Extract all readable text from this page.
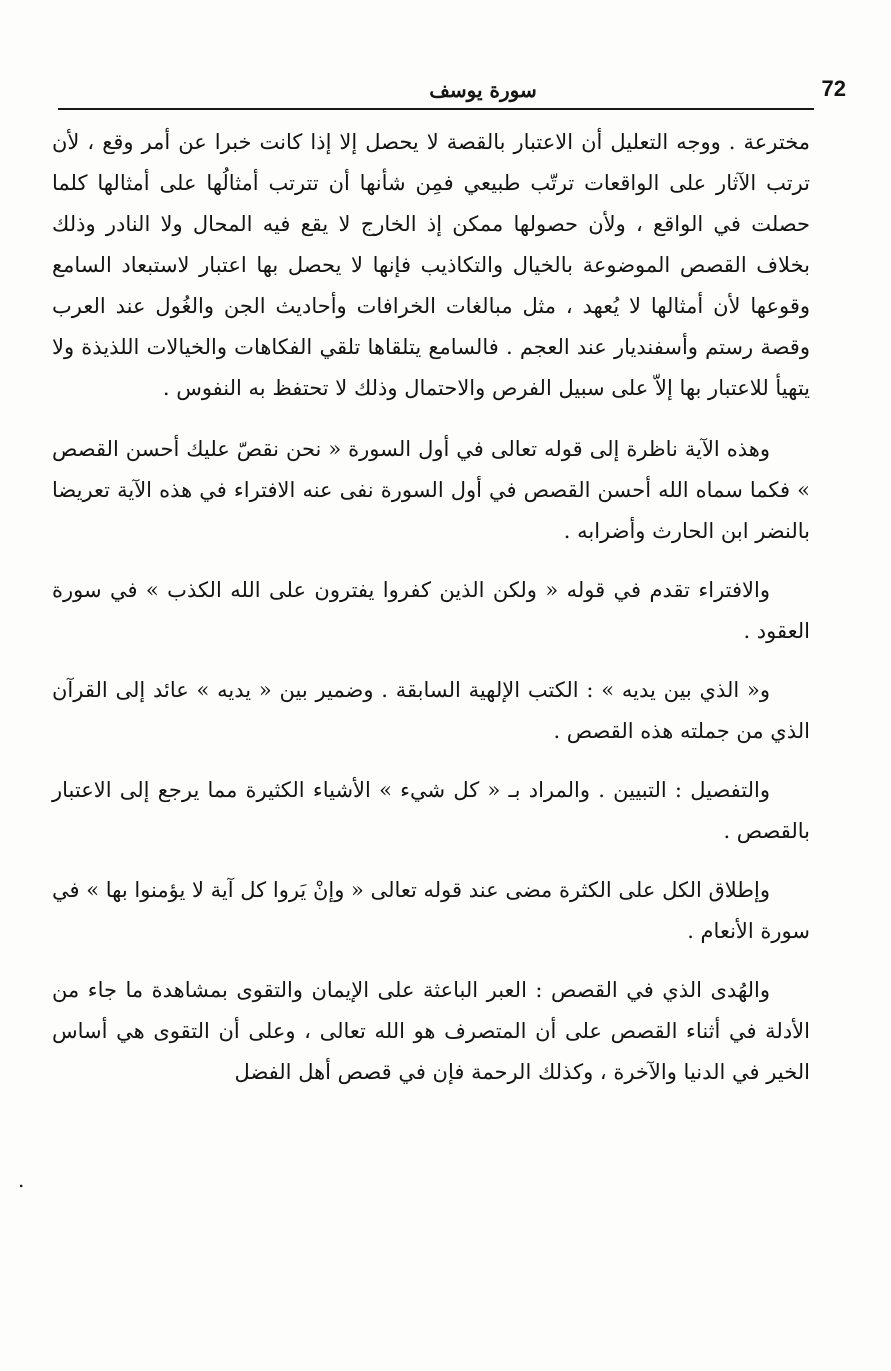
72
سورة يوسف

مخترعة . ووجه التعليل أن الاعتبار بالقصة لا يحصل إلا إذا كانت خبرا عن أمر وقع ، لأن ترتب الآثار على الواقعات ترتّب طبيعي فمِن شأنها أن تترتب أمثالُها على أمثالها كلما حصلت في الواقع ، ولأن حصولها ممكن إذ الخارج لا يقع فيه المحال ولا النادر وذلك بخلاف القصص الموضوعة بالخيال والتكاذيب فإنها لا يحصل بها اعتبار لاستبعاد السامع وقوعها لأن أمثالها لا يُعهد ، مثل مبالغات الخرافات وأحاديث الجن والغُول عند العرب وقصة رستم وأسفنديار عند العجم . فالسامع يتلقاها تلقي الفكاهات والخيالات اللذيذة ولا يتهيأ للاعتبار بها إلاّ على سبيل الفرص والاحتمال وذلك لا تحتفظ به النفوس .

وهذه الآية ناظرة إلى قوله تعالى في أول السورة « نحن نقصّ عليك أحسن القصص » فكما سماه الله أحسن القصص في أول السورة نفى عنه الافتراء في هذه الآية تعريضا بالنضر ابن الحارث وأضرابه .

والافتراء تقدم في قوله « ولكن الذين كفروا يفترون على الله الكذب » في سورة العقود .

و« الذي بين يديه » : الكتب الإلهية السابقة . وضمير بين « يديه » عائد إلى القرآن الذي من جملته هذه القصص .

والتفصيل : التبيين . والمراد بـ « كل شيء » الأشياء الكثيرة مما يرجع إلى الاعتبار بالقصص .

وإطلاق الكل على الكثرة مضى عند قوله تعالى « وإنْ يَروا كل آية لا يؤمنوا بها » في سورة الأنعام .

والهُدى الذي في القصص : العبر الباعثة على الإيمان والتقوى بمشاهدة ما جاء من الأدلة في أثناء القصص على أن المتصرف هو الله تعالى ، وعلى أن التقوى هي أساس الخير في الدنيا والآخرة ، وكذلك الرحمة فإن في قصص أهل الفضل

.
